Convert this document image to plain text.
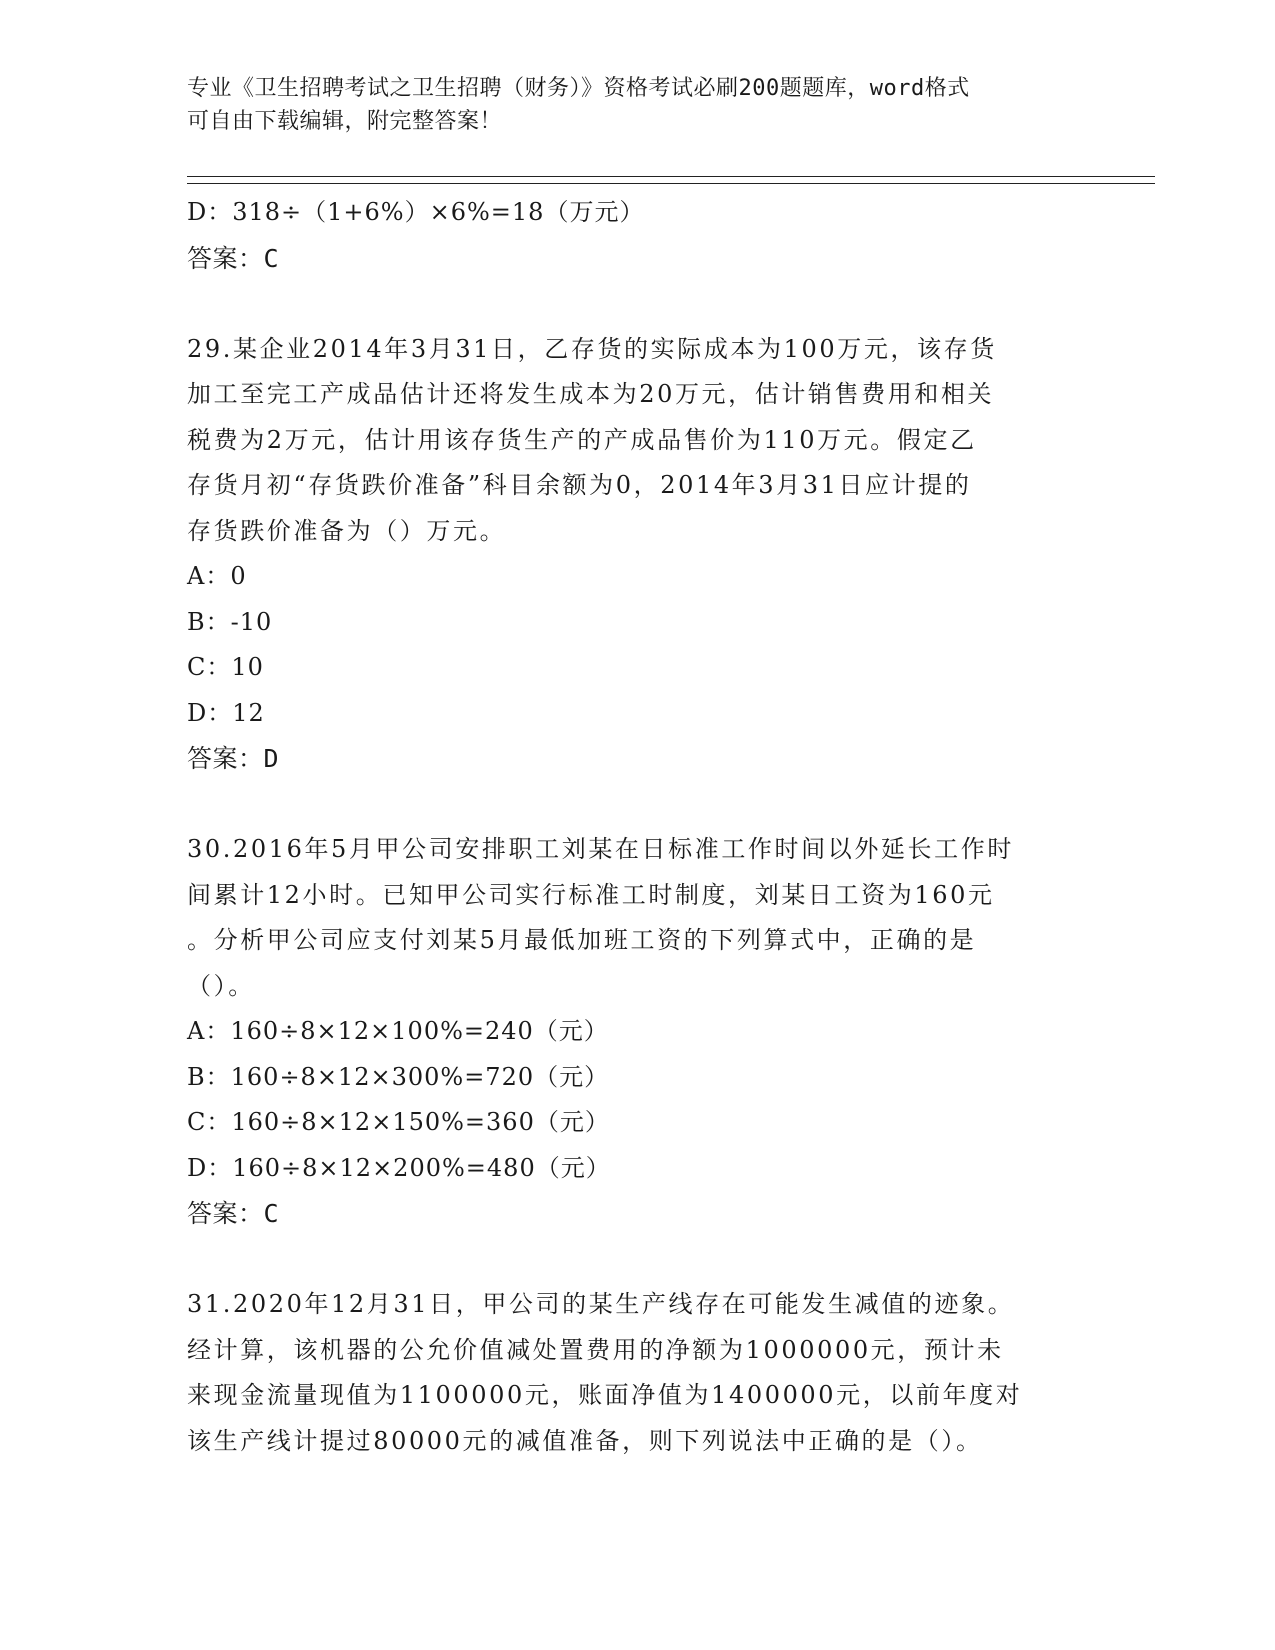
专业《卫生招聘考试之卫生招聘（财务）》资格考试必刷200题题库，word格式
可自由下载编辑，附完整答案！
D：318÷（1+6%）×6%=18（万元）
答案：C
29.某企业2014年3月31日，乙存货的实际成本为100万元，该存货
加工至完工产成品估计还将发生成本为20万元，估计销售费用和相关
税费为2万元，估计用该存货生产的产成品售价为110万元。假定乙
存货月初“存货跌价准备”科目余额为0，2014年3月31日应计提的
存货跌价准备为（）万元。
A：0
B：-10
C：10
D：12
答案：D
30.2016年5月甲公司安排职工刘某在日标准工作时间以外延长工作时
间累计12小时。已知甲公司实行标准工时制度，刘某日工资为160元
。分析甲公司应支付刘某5月最低加班工资的下列算式中，正确的是
（）。
A：160÷8×12×100%=240（元）
B：160÷8×12×300%=720（元）
C：160÷8×12×150%=360（元）
D：160÷8×12×200%=480（元）
答案：C
31.2020年12月31日，甲公司的某生产线存在可能发生减值的迹象。
经计算，该机器的公允价值减处置费用的净额为1000000元，预计未
来现金流量现值为1100000元，账面净值为1400000元，以前年度对
该生产线计提过80000元的减值准备，则下列说法中正确的是（）。
